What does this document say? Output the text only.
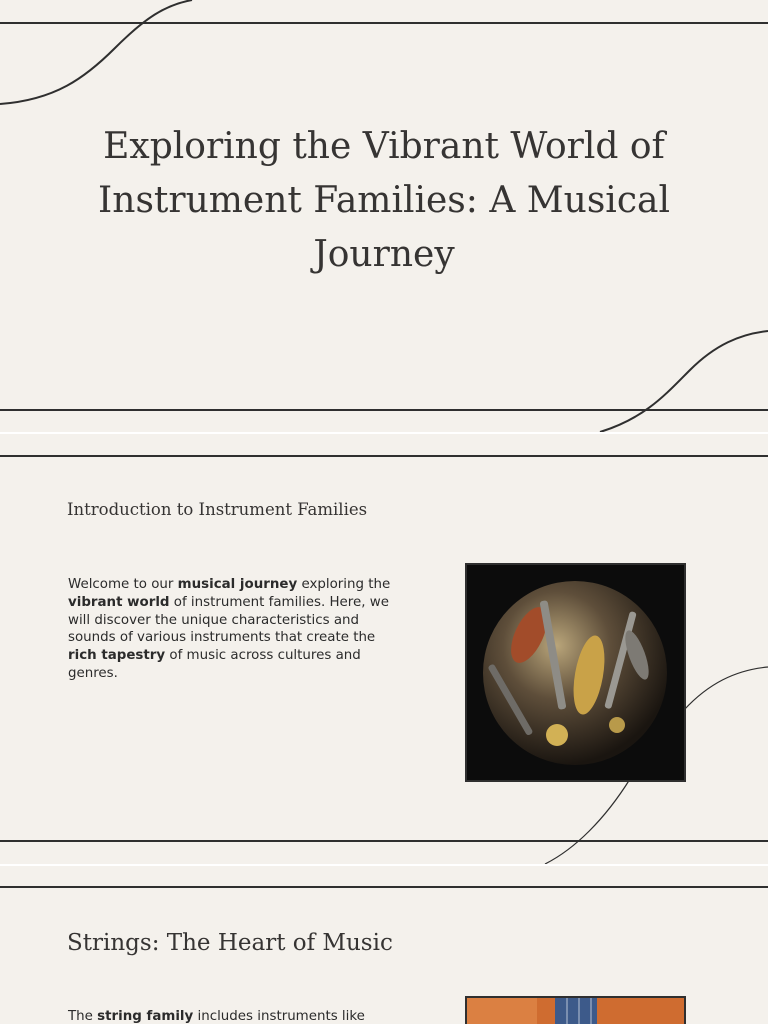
Exploring the Vibrant World of Instrument Families: A Musical Journey
Introduction to Instrument Families

Welcome to our musical journey exploring the vibrant world of instrument families. Here, we will discover the unique characteristics and sounds of various instruments that create the rich tapestry of music across cultures and genres.

Strings: The Heart of Music

The string family includes instruments like
